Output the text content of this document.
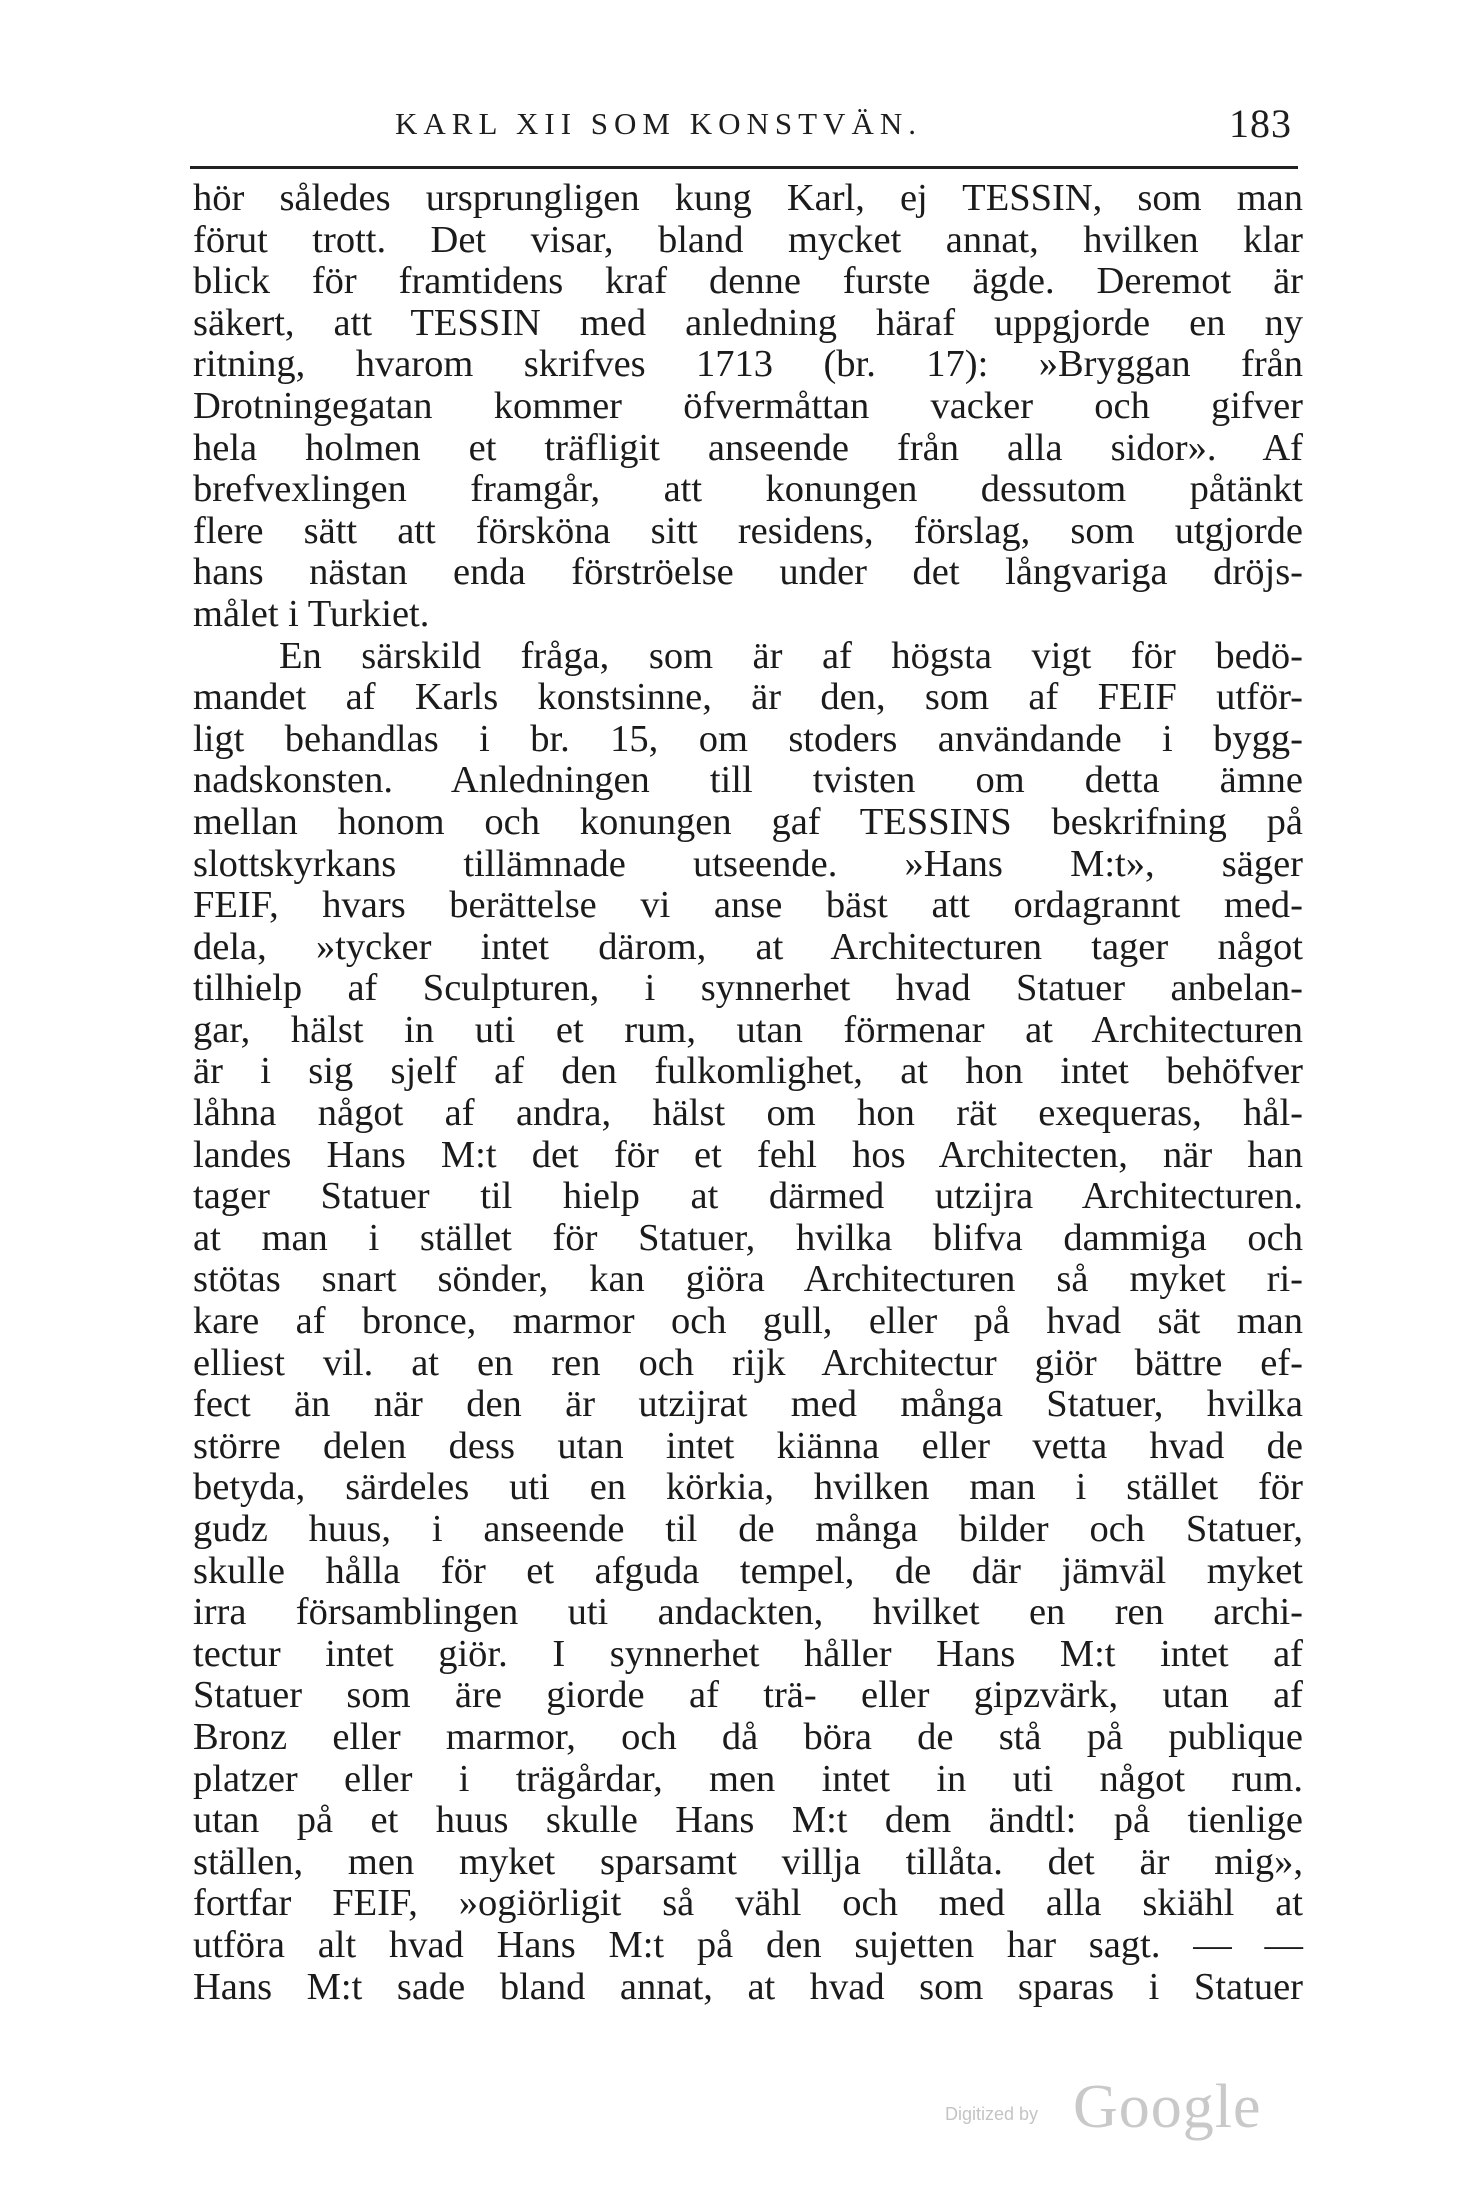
KARL XII SOM KONSTVÄN.	183
hör således ursprungligen kung Karl, ej TESSIN, som man
förut trott. Det visar, bland mycket annat, hvilken klar
blick för framtidens kraf denne furste ägde. Deremot är
säkert, att TESSIN med anledning häraf uppgjorde en ny
ritning, hvarom skrifves 1713 (br. 17): »Bryggan från
Drotningegatan kommer öfvermåttan vacker och gifver
hela holmen et träfligit anseende från alla sidor». Af
brefvexlingen framgår, att konungen dessutom påtänkt
flere sätt att försköna sitt residens, förslag, som utgjorde
hans nästan enda förströelse under det långvariga dröjs-
målet i Turkiet.
En särskild fråga, som är af högsta vigt för bedö-
mandet af Karls konstsinne, är den, som af FEIF utför-
ligt behandlas i br. 15, om stoders användande i bygg-
nadskonsten. Anledningen till tvisten om detta ämne
mellan honom och konungen gaf TESSINS beskrifning på
slottskyrkans tillämnade utseende. »Hans M:t», säger
FEIF, hvars berättelse vi anse bäst att ordagrannt med-
dela, »tycker intet därom, at Architecturen tager något
tilhielp af Sculpturen, i synnerhet hvad Statuer anbelan-
gar, hälst in uti et rum, utan förmenar at Architecturen
är i sig sjelf af den fulkomlighet, at hon intet behöfver
låhna något af andra, hälst om hon rät exequeras, hål-
landes Hans M:t det för et fehl hos Architecten, när han
tager Statuer til hielp at därmed utzijra Architecturen.
at man i stället för Statuer, hvilka blifva dammiga och
stötas snart sönder, kan giöra Architecturen så myket ri-
kare af bronce, marmor och gull, eller på hvad sät man
elliest vil. at en ren och rijk Architectur giör bättre ef-
fect än när den är utzijrat med många Statuer, hvilka
större delen dess utan intet kiänna eller vetta hvad de
betyda, särdeles uti en körkia, hvilken man i stället för
gudz huus, i anseende til de många bilder och Statuer,
skulle hålla för et afguda tempel, de där jämväl myket
irra församblingen uti andackten, hvilket en ren archi-
tectur intet giör. I synnerhet håller Hans M:t intet af
Statuer som äre giorde af trä- eller gipzvärk, utan af
Bronz eller marmor, och då böra de stå på publique
platzer eller i trägårdar, men intet in uti något rum.
utan på et huus skulle Hans M:t dem ändtl: på tienlige
ställen, men myket sparsamt villja tillåta. det är mig»,
fortfar FEIF, »ogiörligit så vähl och med alla skiähl at
utföra alt hvad Hans M:t på den sujetten har sagt. — —
Hans M:t sade bland annat, at hvad som sparas i Statuer
Digitized by Google
